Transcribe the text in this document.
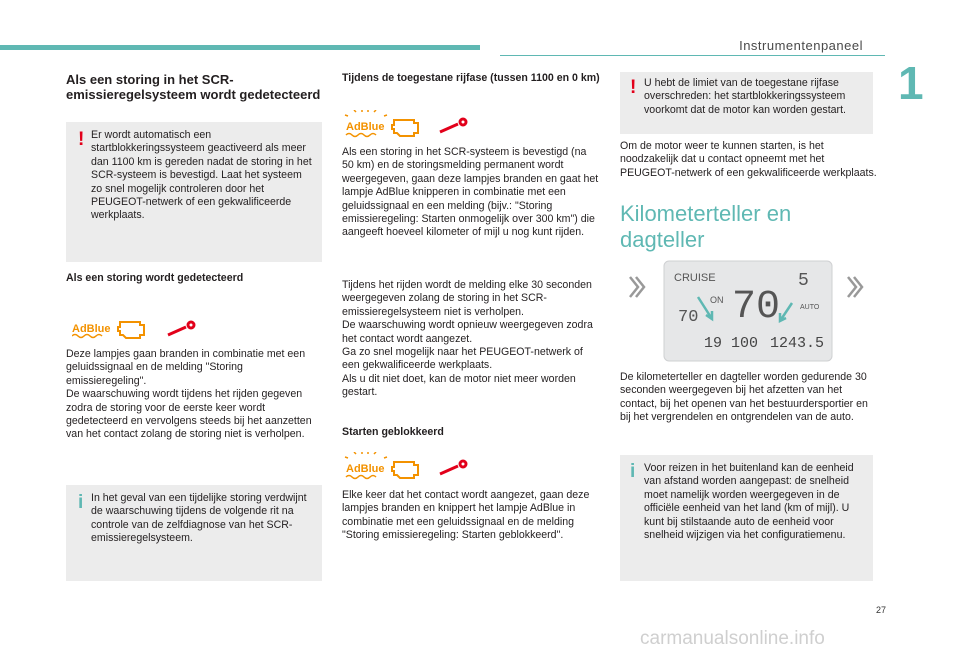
Instrumentenpaneel
1

Als een storing in het SCR-emissieregelsysteem wordt gedetecteerd

! Er wordt automatisch een startblokkeringssysteem geactiveerd als meer dan 1100 km is gereden nadat de storing in het SCR-systeem is bevestigd. Laat het systeem zo snel mogelijk controleren door het PEUGEOT-netwerk of een gekwalificeerde werkplaats.

Als een storing wordt gedetecteerd

AdBlue

Deze lampjes gaan branden in combinatie met een geluidssignaal en de melding "Storing emissieregeling".
De waarschuwing wordt tijdens het rijden gegeven zodra de storing voor de eerste keer wordt gedetecteerd en vervolgens steeds bij het aanzetten van het contact zolang de storing niet is verholpen.

i In het geval van een tijdelijke storing verdwijnt de waarschuwing tijdens de volgende rit na controle van de zelfdiagnose van het SCR-emissieregelsysteem.

Tijdens de toegestane rijfase (tussen 1100 en 0 km)

AdBlue

Als een storing in het SCR-systeem is bevestigd (na 50 km) en de storingsmelding permanent wordt weergegeven, gaan deze lampjes branden en gaat het lampje AdBlue knipperen in combinatie met een geluidssignaal en een melding (bijv.: "Storing emissieregeling: Starten onmogelijk over 300 km") die aangeeft hoeveel kilometer of mijl u nog kunt rijden.

Tijdens het rijden wordt de melding elke 30 seconden weergegeven zolang de storing in het SCR-emissieregelsysteem niet is verholpen.
De waarschuwing wordt opnieuw weergegeven zodra het contact wordt aangezet.
Ga zo snel mogelijk naar het PEUGEOT-netwerk of een gekwalificeerde werkplaats.
Als u dit niet doet, kan de motor niet meer worden gestart.

Starten geblokkeerd

AdBlue

Elke keer dat het contact wordt aangezet, gaan deze lampjes branden en knippert het lampje AdBlue in combinatie met een geluidssignaal en de melding "Storing emissieregeling: Starten geblokkeerd".

! U hebt de limiet van de toegestane rijfase overschreden: het startblokkeringssysteem voorkomt dat de motor kan worden gestart.

Om de motor weer te kunnen starten, is het noodzakelijk dat u contact opneemt met het PEUGEOT-netwerk of een gekwalificeerde werkplaats.

Kilometerteller en dagteller

CRUISE
ON
70 70
5
AUTO
19 100 1243.5

De kilometerteller en dagteller worden gedurende 30 seconden weergegeven bij het afzetten van het contact, bij het openen van het bestuurdersportier en bij het vergrendelen en ontgrendelen van de auto.

i Voor reizen in het buitenland kan de eenheid van afstand worden aangepast: de snelheid moet namelijk worden weergegeven in de officiële eenheid van het land (km of mijl). U kunt bij stilstaande auto de eenheid voor snelheid wijzigen via het configuratiemenu.

27
carmanualsonline.info
